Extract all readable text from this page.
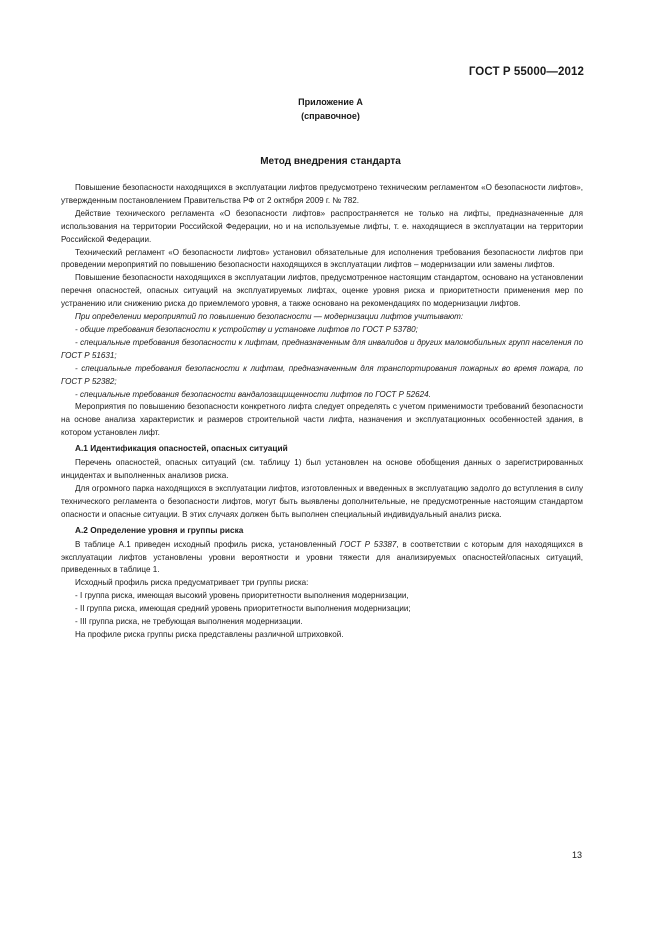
ГОСТ Р 55000—2012
Приложение А
(справочное)
Метод внедрения стандарта

Повышение безопасности находящихся в эксплуатации лифтов предусмотрено техническим регламентом «О безопасности лифтов», утвержденным постановлением Правительства РФ от 2 октября 2009 г. № 782.

Действие технического регламента «О безопасности лифтов» распространяется не только на лифты, предназначенные для использования на территории Российской Федерации, но и на используемые лифты, т. е. находящиеся в эксплуатации на территории Российской Федерации.

Технический регламент «О безопасности лифтов» установил обязательные для исполнения требования безопасности лифтов при проведении мероприятий по повышению безопасности находящихся в эксплуатации лифтов – модернизации или замены лифтов.

Повышение безопасности находящихся в эксплуатации лифтов, предусмотренное настоящим стандартом, основано на установлении перечня опасностей, опасных ситуаций на эксплуатируемых лифтах, оценке уровня риска и приоритетности применения мер по устранению или снижению риска до приемлемого уровня, а также основано на рекомендациях по модернизации лифтов.

При определении мероприятий по повышению безопасности — модернизации лифтов учитывают:

- общие требования безопасности к устройству и установке лифтов по ГОСТ Р 53780;

- специальные требования безопасности к лифтам, предназначенным для инвалидов и других маломобильных групп населения по ГОСТ Р 51631;

- специальные требования безопасности к лифтам, предназначенным для транспортирования пожарных во время пожара, по ГОСТ Р 52382;

- специальные требования безопасности вандалозащищенности лифтов по ГОСТ Р 52624.

Мероприятия по повышению безопасности конкретного лифта следует определять с учетом применимости требований безопасности на основе анализа характеристик и размеров строительной части лифта, назначения и эксплуатационных особенностей здания, в котором установлен лифт.

А.1 Идентификация опасностей, опасных ситуаций

Перечень опасностей, опасных ситуаций (см. таблицу 1) был установлен на основе обобщения данных о зарегистрированных инцидентах и выполненных анализов риска.

Для огромного парка находящихся в эксплуатации лифтов, изготовленных и введенных в эксплуатацию задолго до вступления в силу технического регламента о безопасности лифтов, могут быть выявлены дополнительные, не предусмотренные настоящим стандартом опасности и опасные ситуации. В этих случаях должен быть выполнен специальный индивидуальный анализ риска.

А.2 Определение уровня и группы риска

В таблице А.1 приведен исходный профиль риска, установленный ГОСТ Р 53387, в соответствии с которым для находящихся в эксплуатации лифтов установлены уровни вероятности и уровни тяжести для анализируемых опасностей/опасных ситуаций, приведенных в таблице 1.

Исходный профиль риска предусматривает три группы риска:

- I группа риска, имеющая высокий уровень приоритетности выполнения модернизации,

- II группа риска, имеющая средний уровень приоритетности выполнения модернизации;

- III группа риска, не требующая выполнения модернизации.

На профиле риска группы риска представлены различной штриховкой.

13
